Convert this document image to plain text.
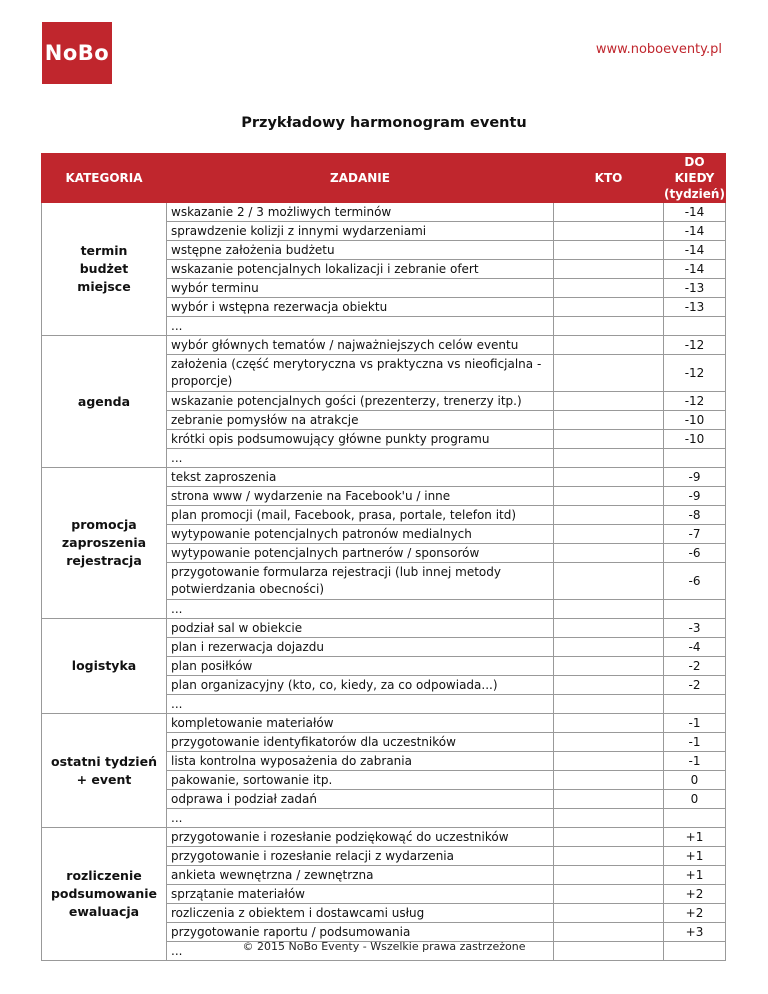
NoBo	www.noboeventy.pl
Przykładowy harmonogram eventu
KATEGORIA	ZADANIE	KTO	DO KIEDY
(tydzień)

termin
budżet
miejsce	wskazanie 2 / 3 możliwych terminów		-14
	sprawdzenie kolizji z innymi wydarzeniami		-14
	wstępne założenia budżetu		-14
	wskazanie potencjalnych lokalizacji i zebranie ofert		-14
	wybór terminu		-13
	wybór i wstępna rezerwacja obiektu		-13
	...		

agenda	wybór głównych tematów / najważniejszych celów eventu		-12
	założenia (część merytoryczna vs praktyczna vs nieoficjalna - proporcje)		-12
	wskazanie potencjalnych gości (prezenterzy, trenerzy itp.)		-12
	zebranie pomysłów na atrakcje		-10
	krótki opis podsumowujący główne punkty programu		-10
	...		

promocja
zaproszenia
rejestracja	tekst zaproszenia		-9
	strona www / wydarzenie na Facebook'u / inne		-9
	plan promocji (mail, Facebook, prasa, portale, telefon itd)		-8
	wytypowanie potencjalnych patronów medialnych		-7
	wytypowanie potencjalnych partnerów / sponsorów		-6
	przygotowanie formularza rejestracji (lub innej metody potwierdzania obecności)		-6
	...		

logistyka	podział sal w obiekcie		-3
	plan i rezerwacja dojazdu		-4
	plan posiłków		-2
	plan organizacyjny (kto, co, kiedy, za co odpowiada...)		-2
	...		

ostatni tydzień
+ event	kompletowanie materiałów		-1
	przygotowanie identyfikatorów dla uczestników		-1
	lista kontrolna wyposażenia do zabrania		-1
	pakowanie, sortowanie itp.		0
	odprawa i podział zadań		0
	...		

rozliczenie
podsumowanie
ewaluacja	przygotowanie i rozesłanie podziękowąć do uczestników		+1
	przygotowanie i rozesłanie relacji z wydarzenia		+1
	ankieta wewnętrzna / zewnętrzna		+1
	sprzątanie materiałów		+2
	rozliczenia z obiektem i dostawcami usług		+2
	przygotowanie raportu / podsumowania		+3
	...			© 2015 NoBo Eventy - Wszelkie prawa zastrzeżone
